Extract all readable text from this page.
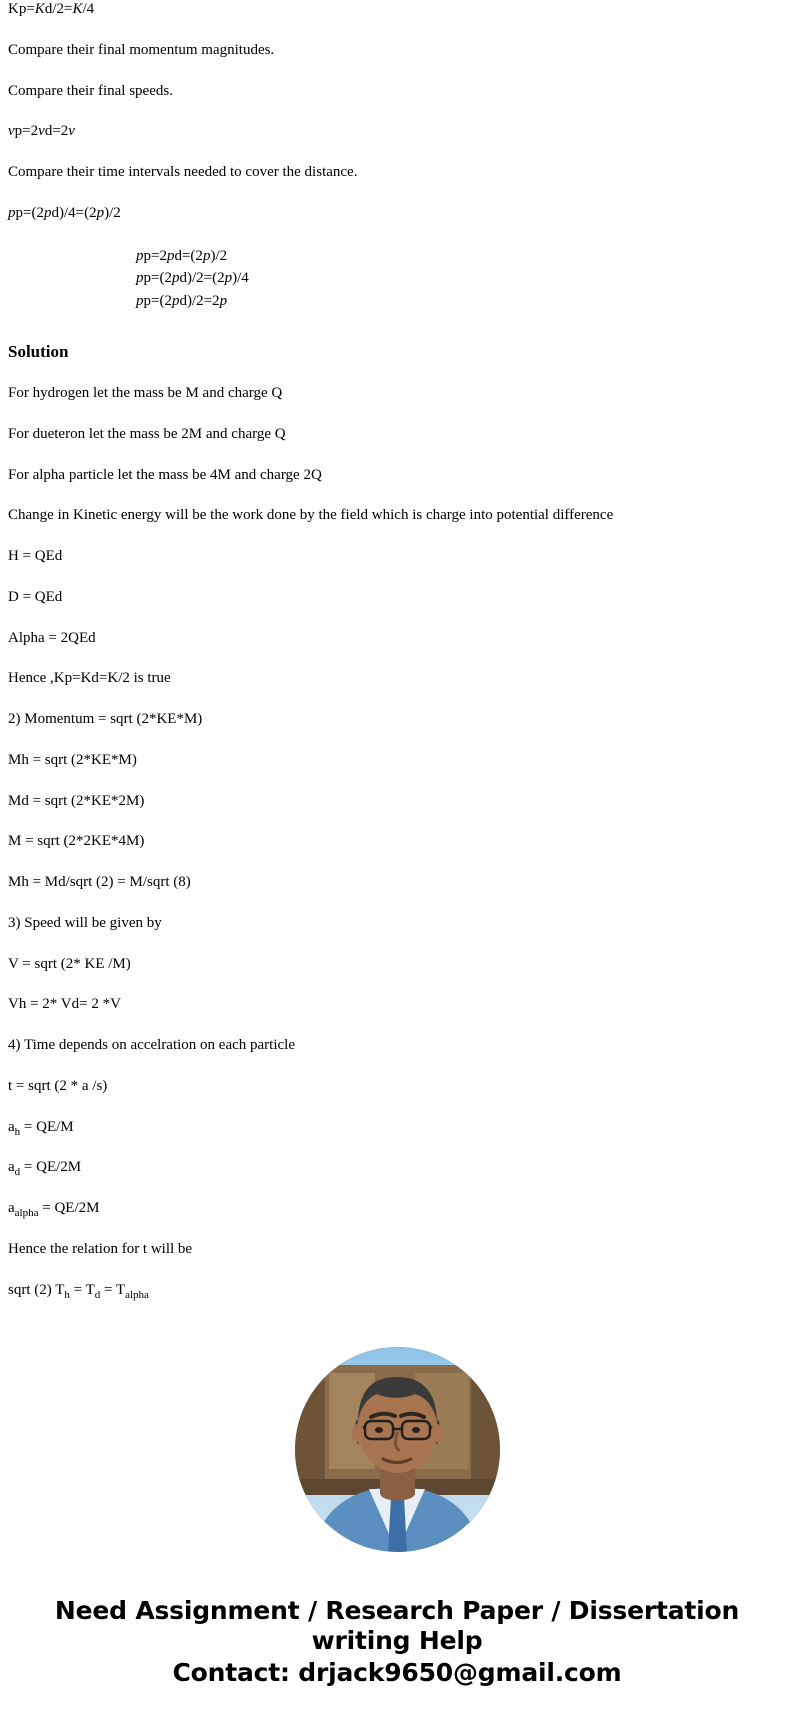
Kp=Kd/2=K/4
Compare their final momentum magnitudes.
Compare their final speeds.
vp=2vd=2v
Compare their time intervals needed to cover the distance.
pp=(2pd)/4=(2p)/2
pp=2pd=(2p)/2
pp=(2pd)/2=(2p)/4
pp=(2pd)/2=2p
Solution
For hydrogen let the mass be M and charge Q
For dueteron let the mass be 2M and charge Q
For alpha particle let the mass be 4M and charge 2Q
Change in Kinetic energy will be the work done by the field which is charge into potential difference
H = QEd
D = QEd
Alpha = 2QEd
Hence ,Kp=Kd=K/2 is true
2) Momentum = sqrt (2*KE*M)
Mh = sqrt (2*KE*M)
Md = sqrt (2*KE*2M)
M = sqrt (2*2KE*4M)
Mh = Md/sqrt (2) = M/sqrt (8)
3) Speed will be given by
V = sqrt (2* KE /M)
Vh = 2* Vd= 2 *V
4) Time depends on accelration on each particle
t = sqrt (2 * a /s)
$a_h = QE/M$
$a_d = QE/2M$
$a_{alpha} = QE/2M$
Hence the relation for t will be
sqrt (2) $T_h = T_d = T_{alpha}$
Need Assignment / Research Paper / Dissertation
writing Help
Contact: drjack9650@gmail.com
